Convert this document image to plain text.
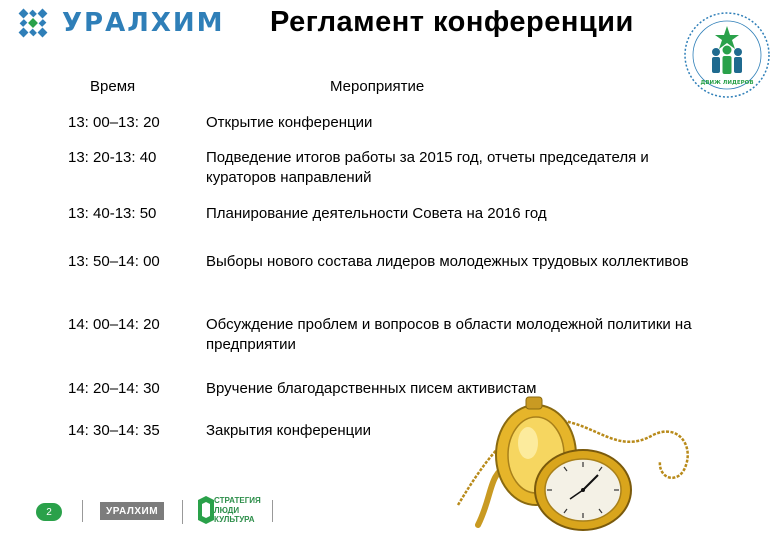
УРАЛХИМ Регламент конференции
ДВИЖ ЛИДЕРОВ
Время	Мероприятие
13: 00–13: 20	Открытие конференции
13: 20-13: 40	Подведение итогов работы за 2015 год, отчеты председателя и кураторов направлений
13: 40-13: 50	Планирование деятельности Совета на 2016 год
13: 50–14: 00	Выборы нового состава лидеров молодежных трудовых коллективов
14: 00–14: 20	Обсуждение проблем и вопросов в области молодежной политики на предприятии
14: 20–14: 30	Вручение благодарственных писем активистам
14: 30–14: 35	Закрытия конференции
2	УРАЛХИМ
СТРАТЕГИЯ
ЛЮДИ
КУЛЬТУРА
